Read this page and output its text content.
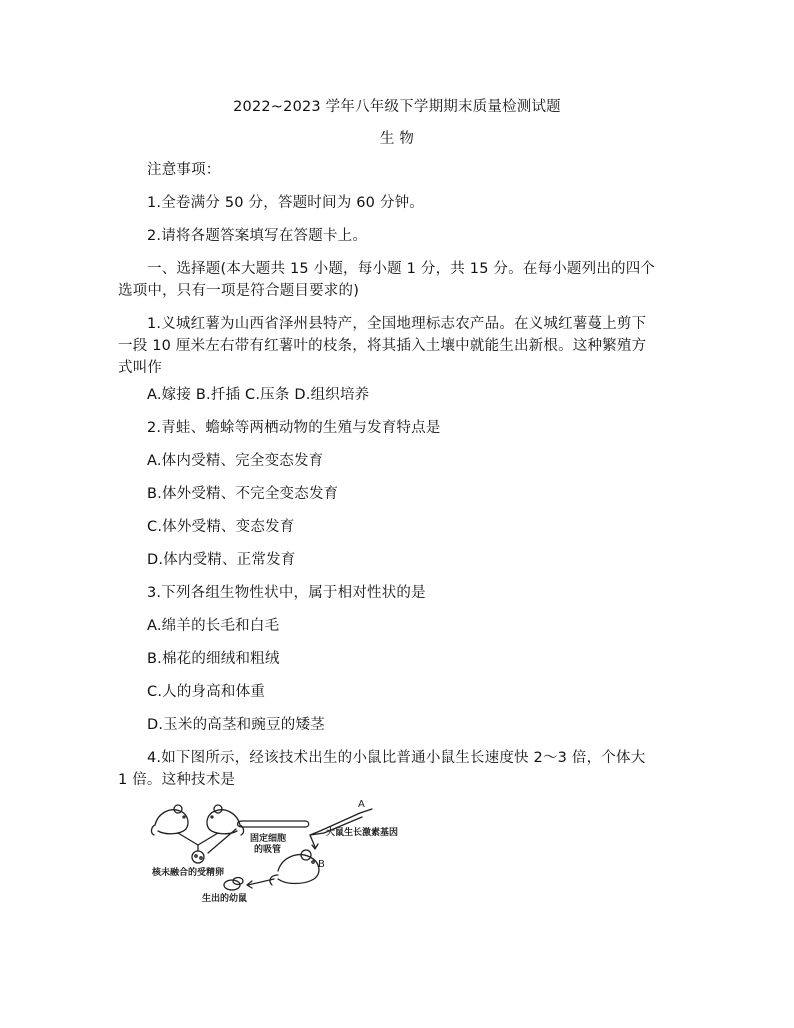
2022~2023 学年八年级下学期期末质量检测试题
生 物
注意事项：
1.全卷满分 50 分，答题时间为 60 分钟。
2.请将各题答案填写在答题卡上。
一、选择题(本大题共 15 小题，每小题 1 分，共 15 分。在每小题列出的四个
选项中，只有一项是符合题目要求的)
1.义城红薯为山西省泽州县特产，全国地理标志农产品。在义城红薯蔓上剪下
一段 10 厘米左右带有红薯叶的枝条，将其插入土壤中就能生出新根。这种繁殖方
式叫作
A.嫁接 B.扦插 C.压条 D.组织培养
2.青蛙、蟾蜍等两栖动物的生殖与发育特点是
A.体内受精、完全变态发育
B.体外受精、不完全变态发育
C.体外受精、变态发育
D.体内受精、正常发育
3.下列各组生物性状中，属于相对性状的是
A.绵羊的长毛和白毛
B.棉花的细绒和粗绒
C.人的身高和体重
D.玉米的高茎和豌豆的矮茎
4.如下图所示，经该技术出生的小鼠比普通小鼠生长速度快 2～3 倍，个体大
1 倍。这种技术是
固定细胞
的吸管
大鼠生长激素基因
核未融合的受精卵
生出的幼鼠
A
B
